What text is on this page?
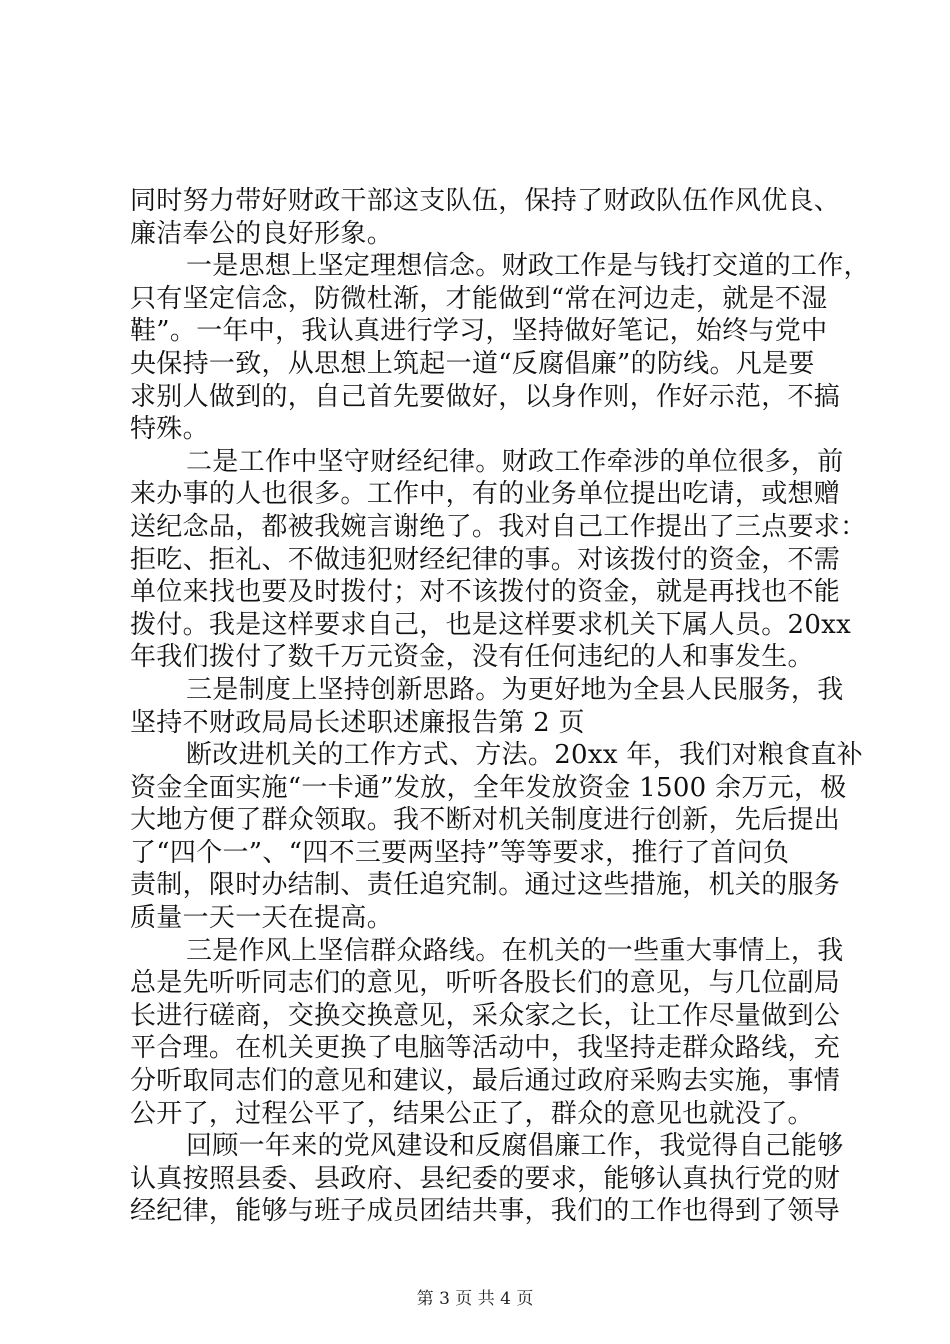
同时努力带好财政干部这支队伍，保持了财政队伍作风优良、
廉洁奉公的良好形象。
一是思想上坚定理想信念。财政工作是与钱打交道的工作，
只有坚定信念，防微杜渐，才能做到“常在河边走，就是不湿
鞋”。一年中，我认真进行学习，坚持做好笔记，始终与党中
央保持一致，从思想上筑起一道“反腐倡廉”的防线。凡是要
求别人做到的，自己首先要做好，以身作则，作好示范，不搞
特殊。
二是工作中坚守财经纪律。财政工作牵涉的单位很多，前
来办事的人也很多。工作中，有的业务单位提出吃请，或想赠
送纪念品，都被我婉言谢绝了。我对自己工作提出了三点要求：
拒吃、拒礼、不做违犯财经纪律的事。对该拨付的资金，不需
单位来找也要及时拨付；对不该拨付的资金，就是再找也不能
拨付。我是这样要求自己，也是这样要求机关下属人员。20xx
年我们拨付了数千万元资金，没有任何违纪的人和事发生。
三是制度上坚持创新思路。为更好地为全县人民服务，我
坚持不财政局局长述职述廉报告第 2 页
断改进机关的工作方式、方法。20xx 年，我们对粮食直补
资金全面实施“一卡通”发放，全年发放资金 1500 余万元，极
大地方便了群众领取。我不断对机关制度进行创新，先后提出
了“四个一”、“四不三要两坚持”等等要求，推行了首问负
责制，限时办结制、责任追究制。通过这些措施，机关的服务
质量一天一天在提高。
三是作风上坚信群众路线。在机关的一些重大事情上，我
总是先听听同志们的意见，听听各股长们的意见，与几位副局
长进行磋商，交换交换意见，采众家之长，让工作尽量做到公
平合理。在机关更换了电脑等活动中，我坚持走群众路线，充
分听取同志们的意见和建议，最后通过政府采购去实施，事情
公开了，过程公平了，结果公正了，群众的意见也就没了。
回顾一年来的党风建设和反腐倡廉工作，我觉得自己能够
认真按照县委、县政府、县纪委的要求，能够认真执行党的财
经纪律，能够与班子成员团结共事，我们的工作也得到了领导
第 3 页 共 4 页
